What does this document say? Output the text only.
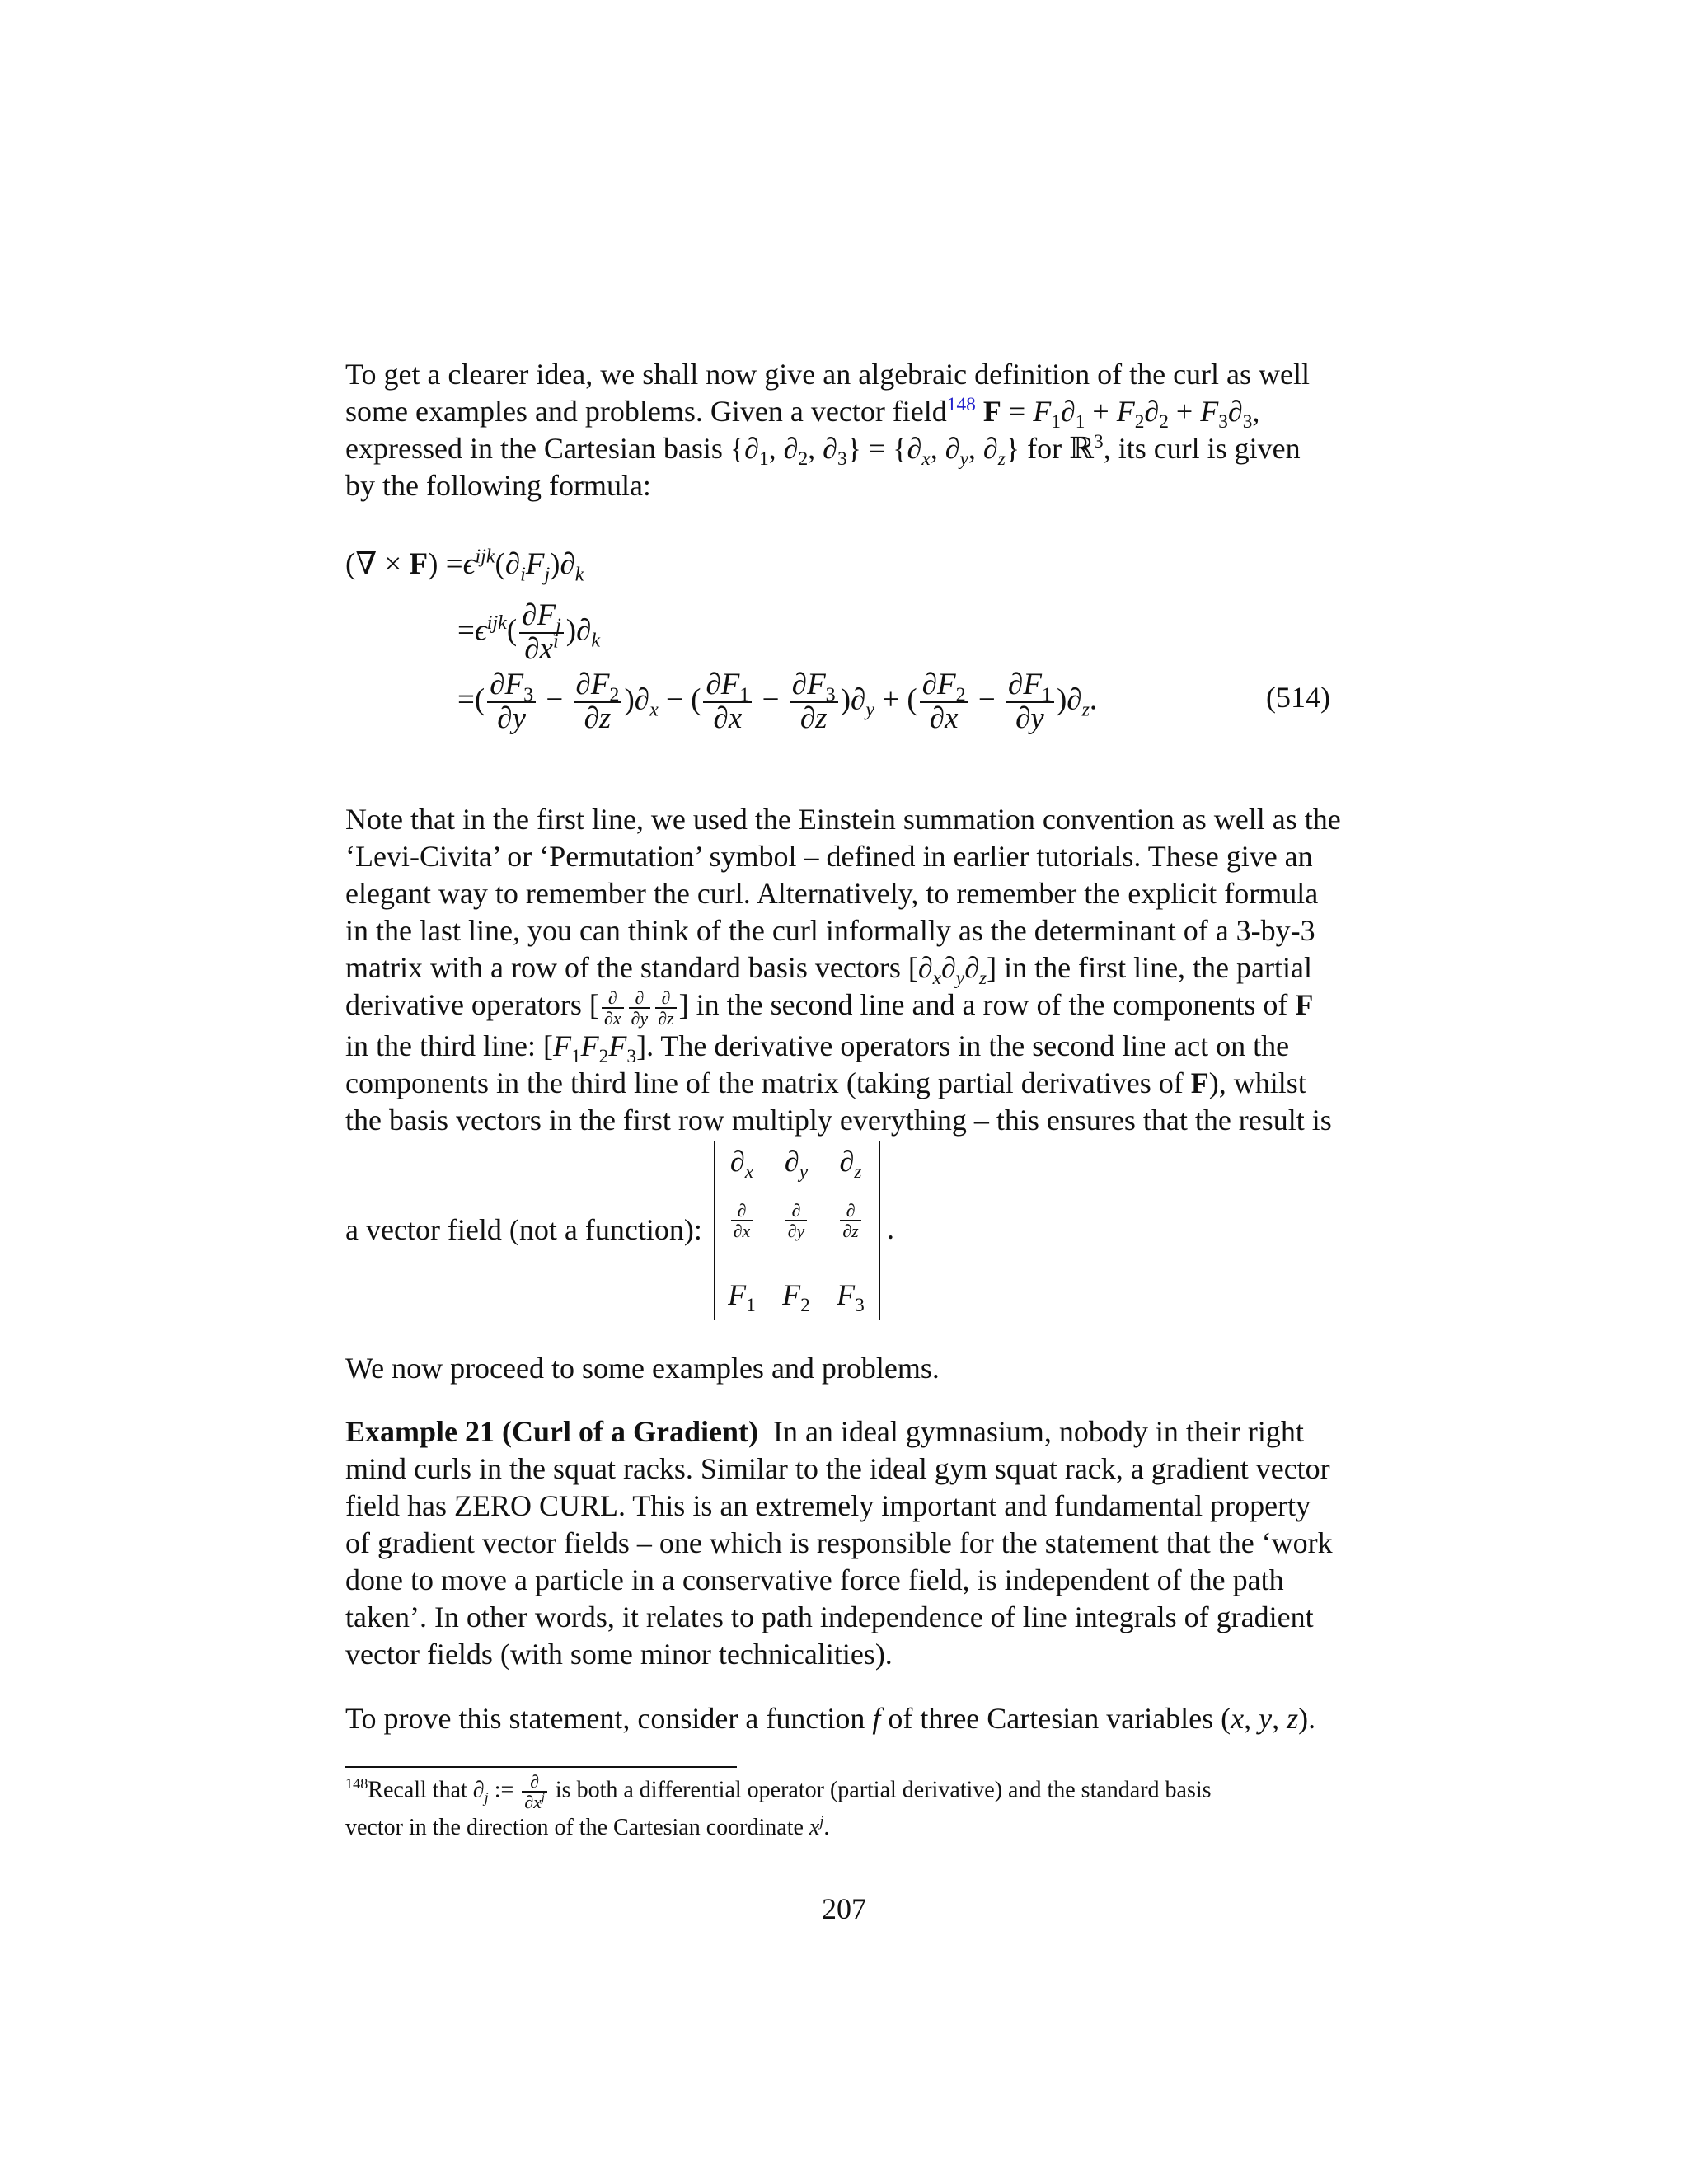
To get a clearer idea, we shall now give an algebraic definition of the curl as well
some examples and problems. Given a vector field$^{148}$ $F = F_1\partial_1 + F_2\partial_2 + F_3\partial_3$,
expressed in the Cartesian basis {$\partial_1$, $\partial_2$, $\partial_3\} = \{\partial_x$, $\partial_y$, $\partial_z$} for ℝ$^3$, its curl is given
by the following formula:
(∇ × $F) =\epsilon^{ijk}(\partial_iF_j)\partial_k$
$=\epsilon^{ijk}( \frac{\partial F_j}{\partial x^i} )\partial_k$
=( $\frac{\partial F_3}{\partial y} - \frac{\partial F_2}{\partial z} )\partial_x$ − ( $\frac{\partial F_1}{\partial x} - \frac{\partial F_3}{\partial z} )\partial_y$ + ( $\frac{\partial F_2}{\partial x} - \frac{\partial F_1}{\partial y} )\partial_z$.	(514)
Note that in the first line, we used the Einstein summation convention as well as the
‘Levi-Civita’ or ‘Permutation’ symbol – defined in earlier tutorials. These give an
elegant way to remember the curl. Alternatively, to remember the explicit formula
in the last line, you can think of the curl informally as the determinant of a 3-by-3
matrix with a row of the standard basis vectors $[\partial_x\partial_y\partial_z]$ in the first line, the partial
derivative operators [ $\frac{\partial}{\partial x} \frac{\partial}{\partial y} \frac{\partial}{\partial z}$ ] in the second line and a row of the components of F
in the third line: $[F_1F_2F_3]$. The derivative operators in the second line act on the
components in the third line of the matrix (taking partial derivatives of F), whilst
the basis vectors in the first row multiply everything – this ensures that the result is
a vector field (not a function):
$\partial_x$	$\partial_y$	$\partial_z$
$\frac{\partial}{\partial x} \frac{\partial}{\partial y} \frac{\partial}{\partial z}$
$F_1$ $F_2$ $F_3$
.
We now proceed to some examples and problems.
Example 21 (Curl of a Gradient) In an ideal gymnasium, nobody in their right
mind curls in the squat racks. Similar to the ideal gym squat rack, a gradient vector
field has ZERO CURL. This is an extremely important and fundamental property
of gradient vector fields – one which is responsible for the statement that the ‘work
done to move a particle in a conservative force field, is independent of the path
taken’. In other words, it relates to path independence of line integrals of gradient
vector fields (with some minor technicalities).
To prove this statement, consider a function f of three Cartesian variables (x, y, z).
$^{148}$Recall that $\partial_j$ := $\frac{\partial}{\partial x^j}$ is both a differential operator (partial derivative) and the standard basis
vector in the direction of the Cartesian coordinate $x^j$.
207
